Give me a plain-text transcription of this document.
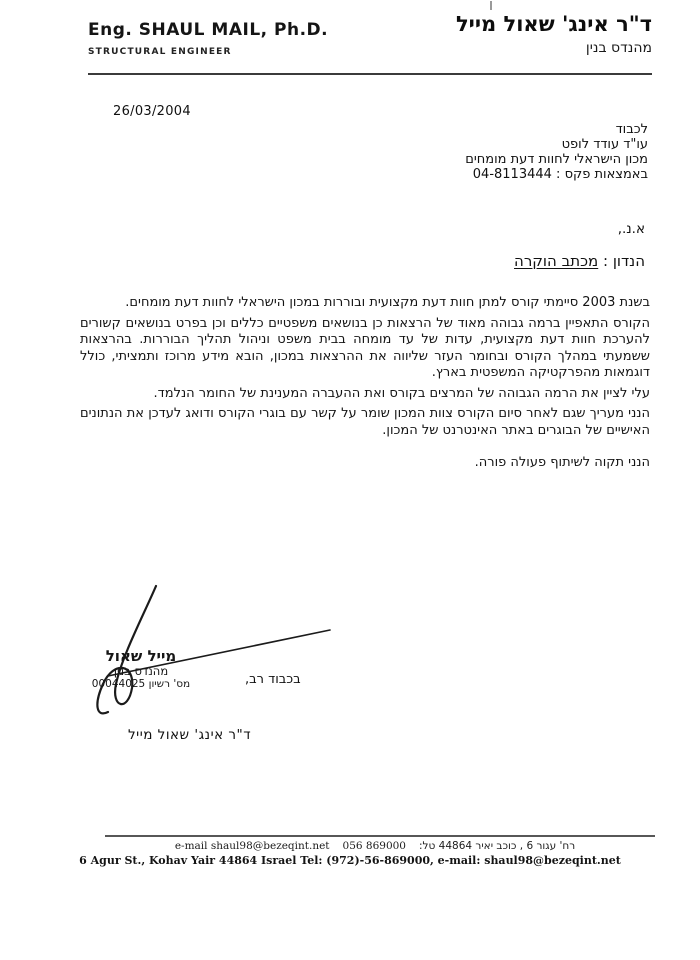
Eng. SHAUL MAIL, Ph.D.
STRUCTURAL ENGINEER
ד"ר אינג' שאול מייל
מהנדס בנין
26/03/2004
לכבוד
עו"ד עודד לופט
מכון הישראלי לחוות דעת מומחים
באמצאות פקס : 04-8113444
א.נ.,
הנדון : מכתב הוקרה

בשנת 2003 סיימתי קורס למתן חוות דעת מקצועית ובוררות במכון הישראלי לחוות דעת מומחים.

הקורס התאפיין ברמה גבוהה מאוד של הרצאות כן בנושאים משפטיים כללים וכן בפרט בנושאים קשורים להערכת חוות דעת מקצועית, עדות של עד מומחה בבית משפט וניהול תהליך הבוררות. בהרצאות ששמעתי במהלך הקורס ובחומר העזר שליווה את ההרצאות במכון, הובא מידע מרוכז ותמציתי, כולל דוגמאות מהפרקטיקה המשפטית בארץ.

עלי לציין את הרמה הגבוהה של המרצים בקורס ואת ההעברה המענינת של החומר הנלמד.

הנני מעריך שגם לאחר סיום הקורס צוות המכון שומר על קשר עם בוגרי הקורס ודואג לעדכן את הנתונים האישיים של הבוגרים באתר האינטרנט של המכון.

הנני תקוה לשיתוף פעולה פורה.

מייל שאול
מהנדס בנין
מס' רשיון 00044025	בכבוד רב,
ד"ר אינג' שאול מייל
e-mail shaul98@bezeqint.net 056 869000 רח' עגור 6 , כוכב יאיר 44864 טל:
6 Agur St., Kohav Yair 44864 Israel Tel: (972)-56-869000, e-mail: shaul98@bezeqint.net
